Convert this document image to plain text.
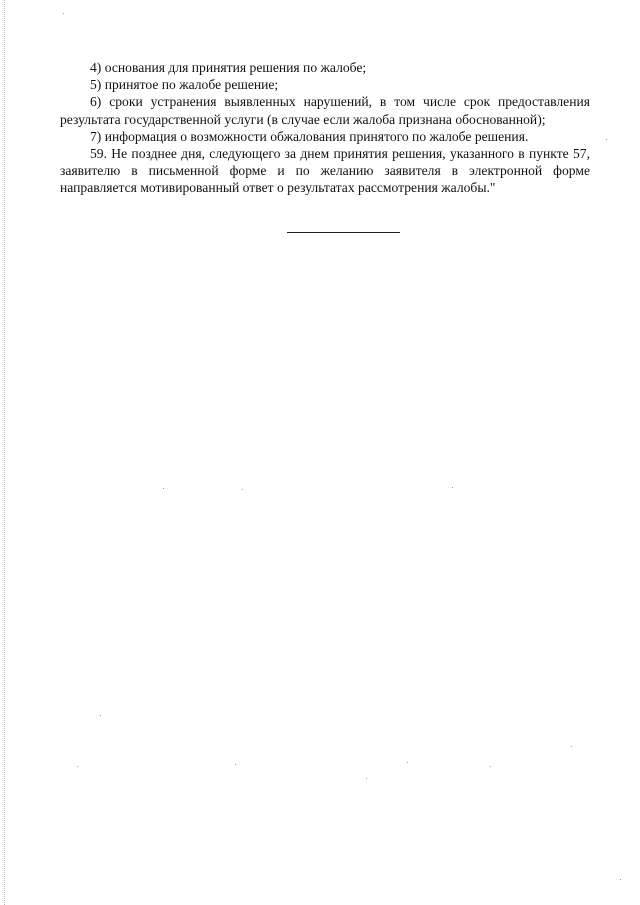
4) основания для принятия решения по жалобе;

5) принятое по жалобе решение;

6) сроки устранения выявленных нарушений, в том числе срок предоставления результата государственной услуги (в случае если жалоба признана обоснованной);

7) информация о возможности обжалования принятого по жалобе решения.

59. Не позднее дня, следующего за днем принятия решения, указанного в пункте 57, заявителю в письменной форме и по желанию заявителя в электронной форме направляется мотивированный ответ о результатах рассмотрения жалобы."
